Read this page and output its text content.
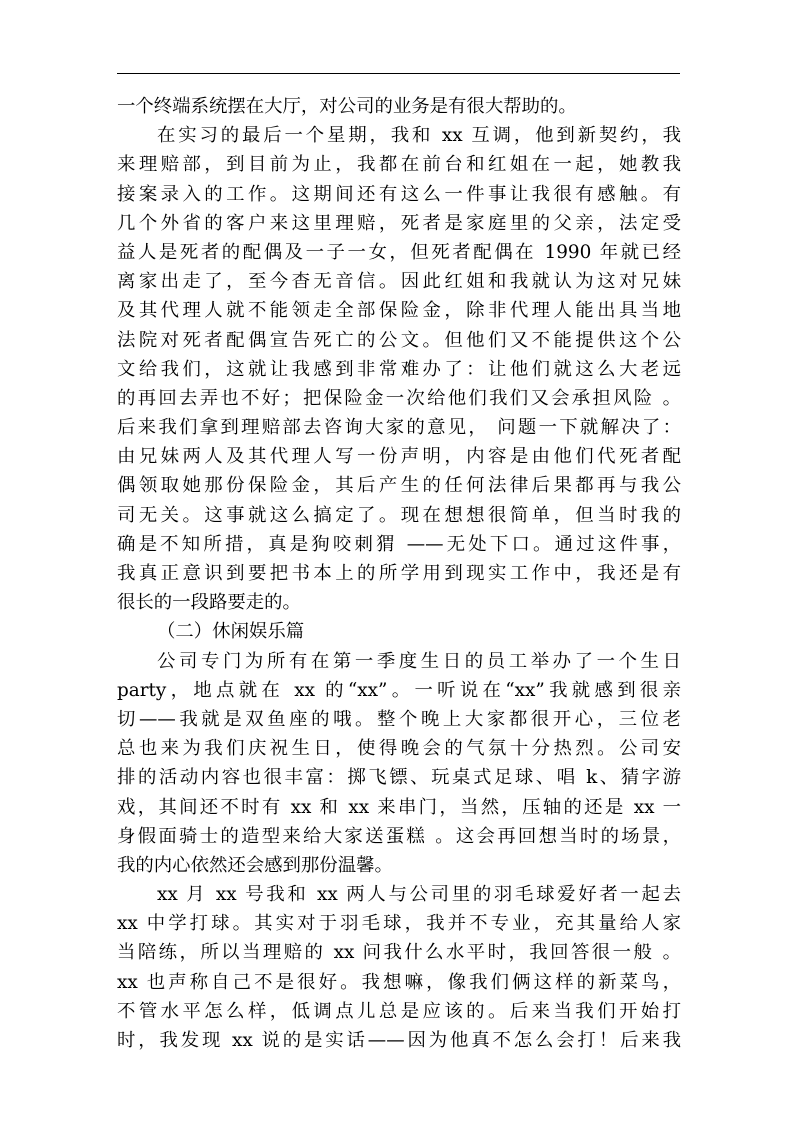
一个终端系统摆在大厅，对公司的业务是有很大帮助的。
在实习的最后一个星期，我和 xx 互调，他到新契约，我
来理赔部，到目前为止，我都在前台和红姐在一起，她教我
接案录入的工作。这期间还有这么一件事让我很有感触。有
几个外省的客户来这里理赔，死者是家庭里的父亲，法定受
益人是死者的配偶及一子一女，但死者配偶在 1990 年就已经
离家出走了，至今杳无音信。因此红姐和我就认为这对兄妹
及其代理人就不能领走全部保险金，除非代理人能出具当地
法院对死者配偶宣告死亡的公文。但他们又不能提供这个公
文给我们，这就让我感到非常难办了：让他们就这么大老远
的再回去弄也不好；把保险金一次给他们我们又会承担风险 。
后来我们拿到理赔部去咨询大家的意见， 问题一下就解决了：
由兄妹两人及其代理人写一份声明，内容是由他们代死者配
偶领取她那份保险金，其后产生的任何法律后果都再与我公
司无关。这事就这么搞定了。现在想想很简单，但当时我的
确是不知所措，真是狗咬刺猬 ——无处下口。通过这件事，
我真正意识到要把书本上的所学用到现实工作中，我还是有
很长的一段路要走的。
（二）休闲娱乐篇
公司专门为所有在第一季度生日的员工举办了一个生日
party，地点就在 xx 的“xx”。一听说在“xx”我就感到很亲
切——我就是双鱼座的哦。整个晚上大家都很开心，三位老
总也来为我们庆祝生日，使得晚会的气氛十分热烈。公司安
排的活动内容也很丰富：掷飞镖、玩桌式足球、唱 k、猜字游
戏，其间还不时有 xx 和 xx 来串门，当然，压轴的还是 xx 一
身假面骑士的造型来给大家送蛋糕 。这会再回想当时的场景，
我的内心依然还会感到那份温馨。
xx 月 xx 号我和 xx 两人与公司里的羽毛球爱好者一起去
xx 中学打球。其实对于羽毛球，我并不专业，充其量给人家
当陪练，所以当理赔的 xx 问我什么水平时，我回答很一般 。
xx 也声称自己不是很好。我想嘛，像我们俩这样的新菜鸟，
不管水平怎么样，低调点儿总是应该的。后来当我们开始打
时，我发现 xx 说的是实话——因为他真不怎么会打！后来我
